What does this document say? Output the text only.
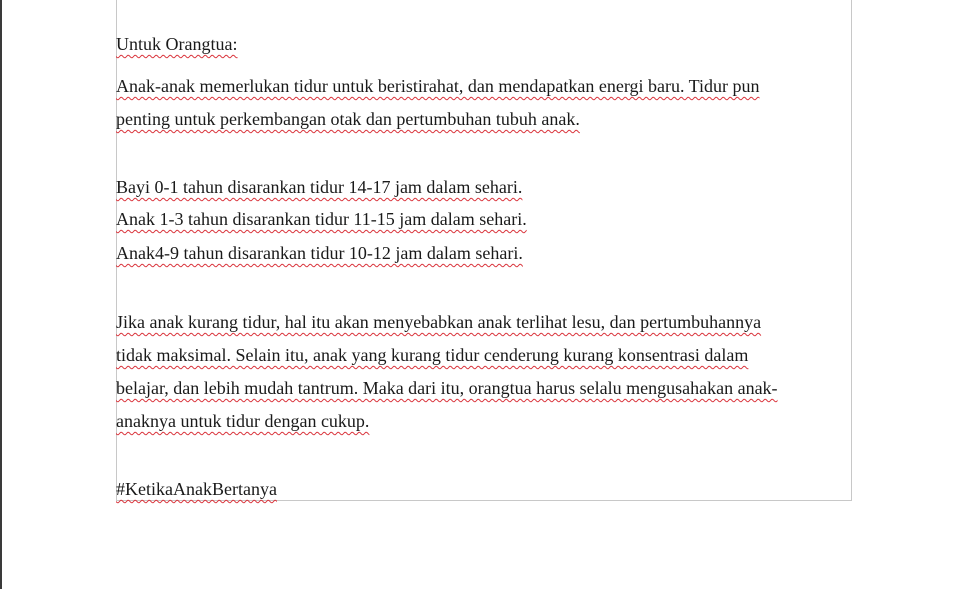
Untuk Orangtua:
Anak-anak memerlukan tidur untuk beristirahat, dan mendapatkan energi baru. Tidur pun
penting untuk perkembangan otak dan pertumbuhan tubuh anak.
Bayi 0-1 tahun disarankan tidur 14-17 jam dalam sehari.
Anak 1-3 tahun disarankan tidur 11-15 jam dalam sehari.
Anak4-9 tahun disarankan tidur 10-12 jam dalam sehari.
Jika anak kurang tidur, hal itu akan menyebabkan anak terlihat lesu, dan pertumbuhannya
tidak maksimal. Selain itu, anak yang kurang tidur cenderung kurang konsentrasi dalam
belajar, dan lebih mudah tantrum. Maka dari itu, orangtua harus selalu mengusahakan anak-
anaknya untuk tidur dengan cukup.
#KetikaAnakBertanya
